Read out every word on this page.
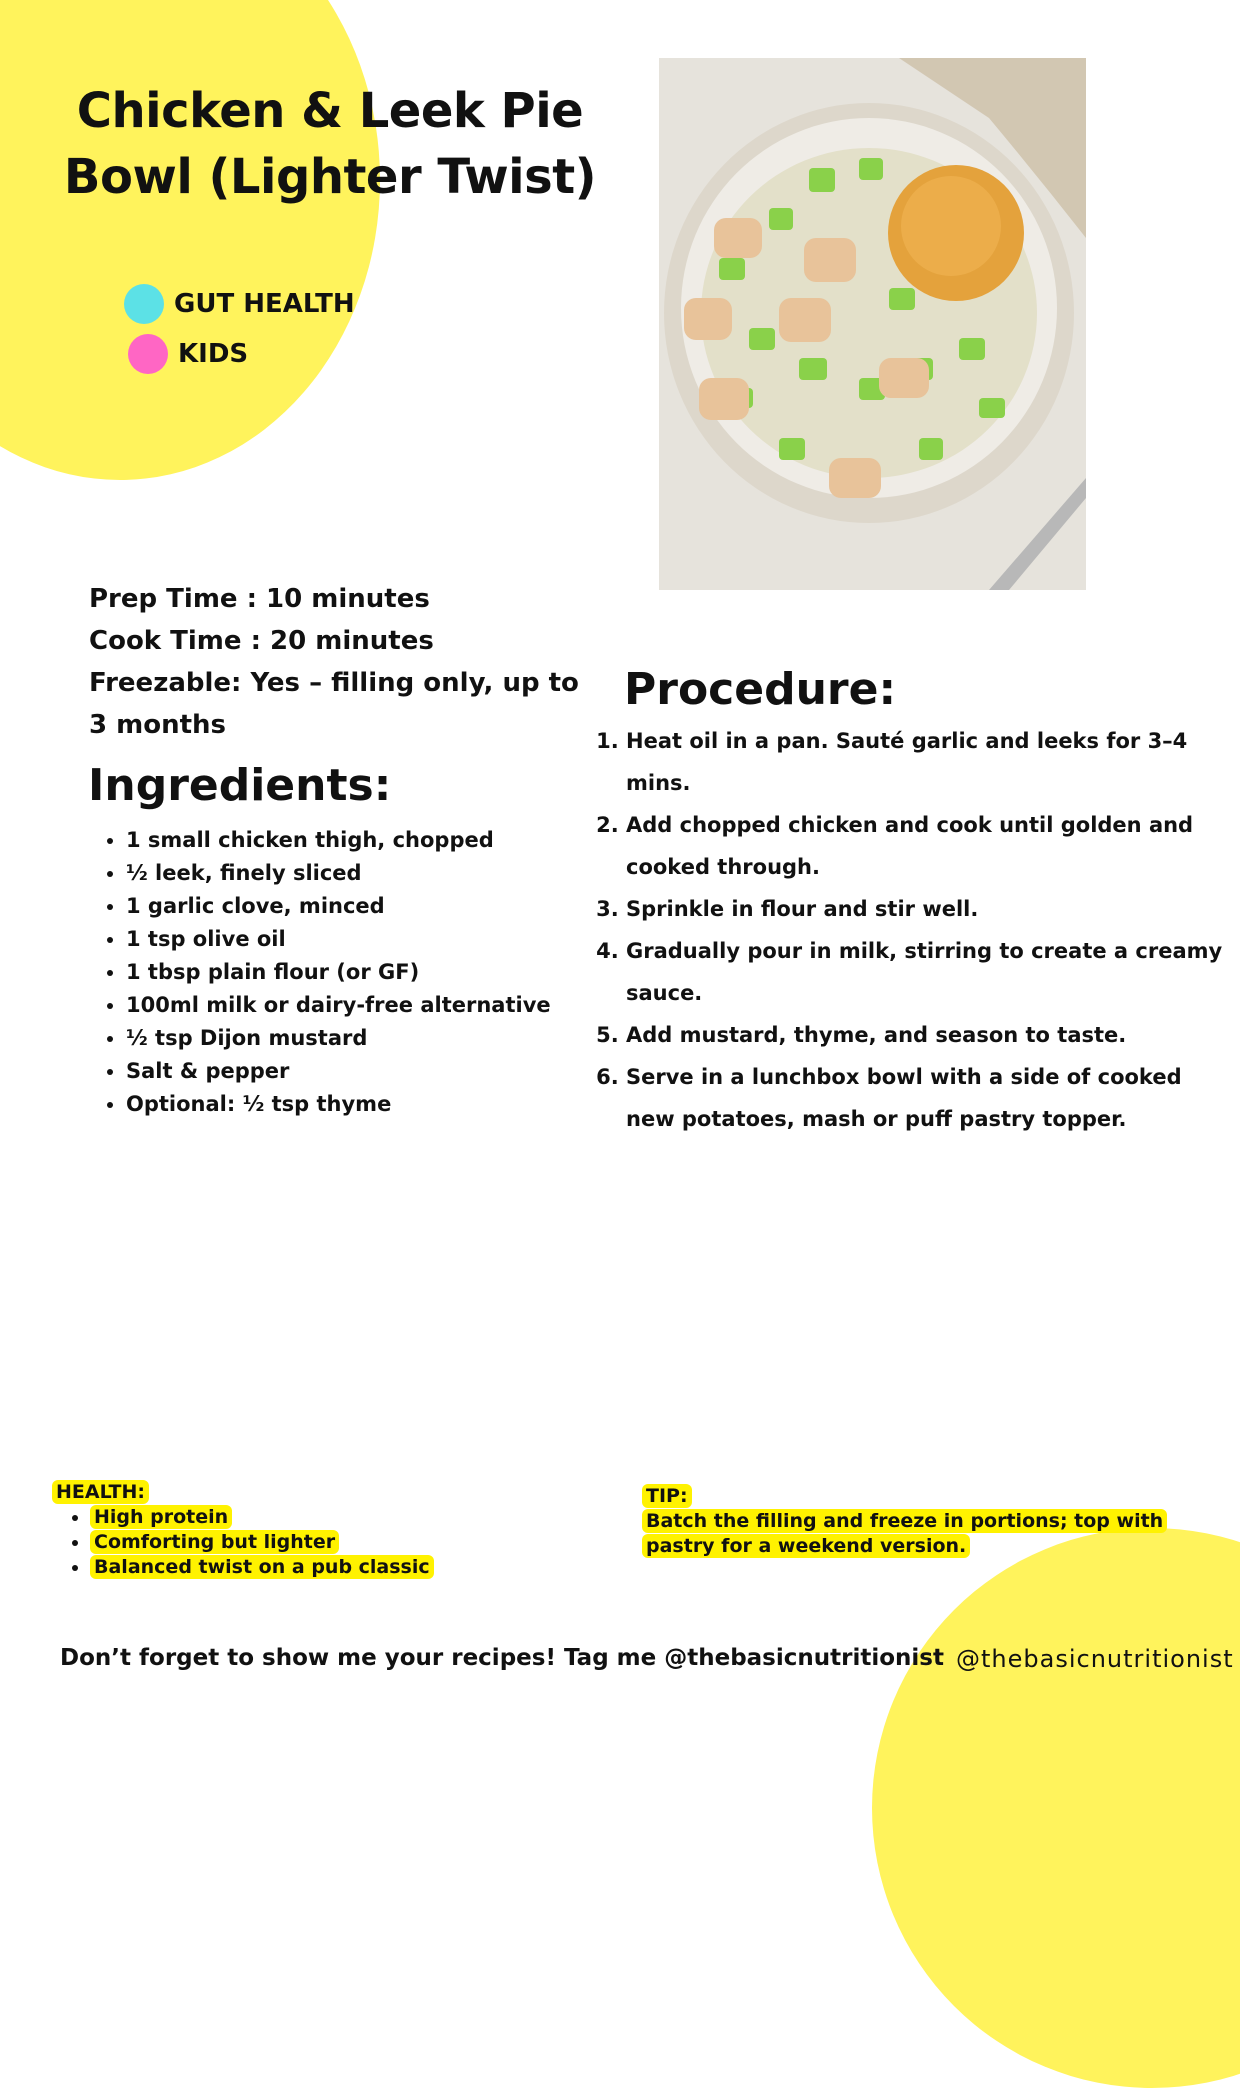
Chicken & Leek Pie Bowl (Lighter Twist)
GUT HEALTH
KIDS
Prep Time : 10 minutes
Cook Time : 20 minutes
Freezable: Yes – filling only, up to 3 months
Ingredients:
• 1 small chicken thigh, chopped
• ½ leek, finely sliced
• 1 garlic clove, minced
• 1 tsp olive oil
• 1 tbsp plain flour (or GF)
• 100ml milk or dairy-free alternative
• ½ tsp Dijon mustard
• Salt & pepper
• Optional: ½ tsp thyme
Procedure:
1. Heat oil in a pan. Sauté garlic and leeks for 3–4 mins.
2. Add chopped chicken and cook until golden and cooked through.
3. Sprinkle in flour and stir well.
4. Gradually pour in milk, stirring to create a creamy sauce.
5. Add mustard, thyme, and season to taste.
6. Serve in a lunchbox bowl with a side of cooked new potatoes, mash or puff pastry topper.
HEALTH:
• High protein
• Comforting but lighter
• Balanced twist on a pub classic
TIP:
Batch the filling and freeze in portions; top with pastry for a weekend version.

Don’t forget to show me your recipes! Tag me @thebasicnutritionist @thebasicnutritionist
